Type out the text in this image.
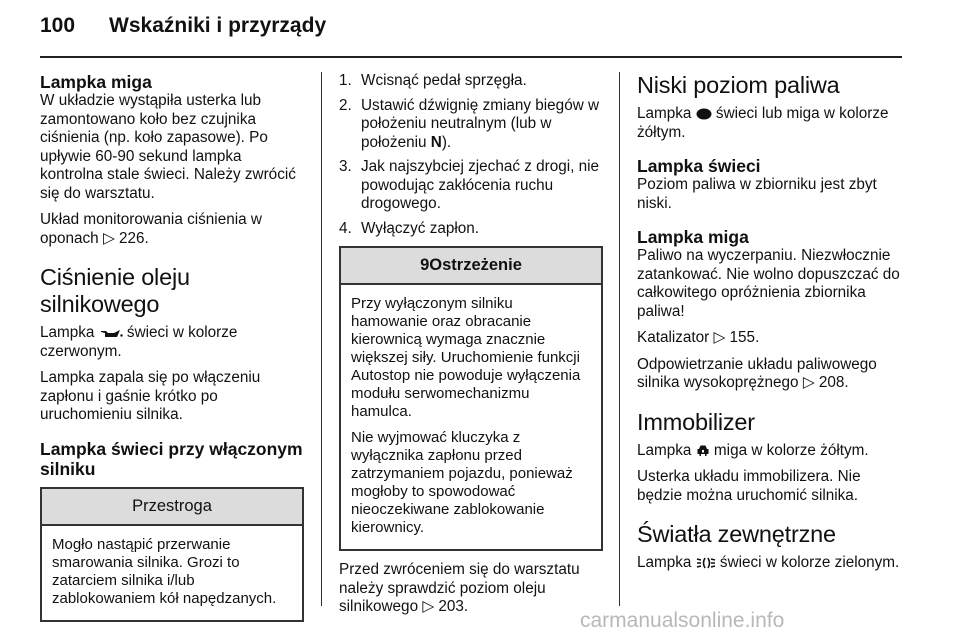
100 Wskaźniki i przyrządy
Lampka miga

W układzie wystąpiła usterka lub zamontowano koło bez czujnika ciśnienia (np. koło zapasowe). Po upływie 60-90 sekund lampka kontrolna stale świeci. Należy zwrócić się do warsztatu.

Układ monitorowania ciśnienia w oponach ▷ 226.

Ciśnienie oleju silnikowego

Lampka świeci w kolorze czerwonym.

Lampka zapala się po włączeniu zapłonu i gaśnie krótko po uruchomieniu silnika.

Lampka świeci przy włączonym silniku
Przestroga

Mogło nastąpić przerwanie smarowania silnika. Grozi to zatarciem silnika i/lub zablokowaniem kół napędzanych.

1. Wcisnąć pedał sprzęgła.
2. Ustawić dźwignię zmiany biegów w położeniu neutralnym (lub w położeniu N).
3. Jak najszybciej zjechać z drogi, nie powodując zakłócenia ruchu drogowego.
4. Wyłączyć zapłon.
9Ostrzeżenie

Przy wyłączonym silniku hamowanie oraz obracanie kierownicą wymaga znacznie większej siły. Uruchomienie funkcji Autostop nie powoduje wyłączenia modułu serwomechanizmu hamulca.

Nie wyjmować kluczyka z wyłącznika zapłonu przed zatrzymaniem pojazdu, ponieważ mogłoby to spowodować nieoczekiwane zablokowanie kierownicy.

Przed zwróceniem się do warsztatu należy sprawdzić poziom oleju silnikowego ▷ 203.

Niski poziom paliwa

Lampka świeci lub miga w kolorze żółtym.

Lampka świeci

Poziom paliwa w zbiorniku jest zbyt niski.

Lampka miga

Paliwo na wyczerpaniu. Niezwłocznie zatankować. Nie wolno dopuszczać do całkowitego opróżnienia zbiornika paliwa!

Katalizator ▷ 155.

Odpowietrzanie układu paliwowego silnika wysokoprężnego ▷ 208.

Immobilizer

Lampka miga w kolorze żółtym.

Usterka układu immobilizera. Nie będzie można uruchomić silnika.

Światła zewnętrzne

Lampka świeci w kolorze zielonym.

carmanualsonline.info
